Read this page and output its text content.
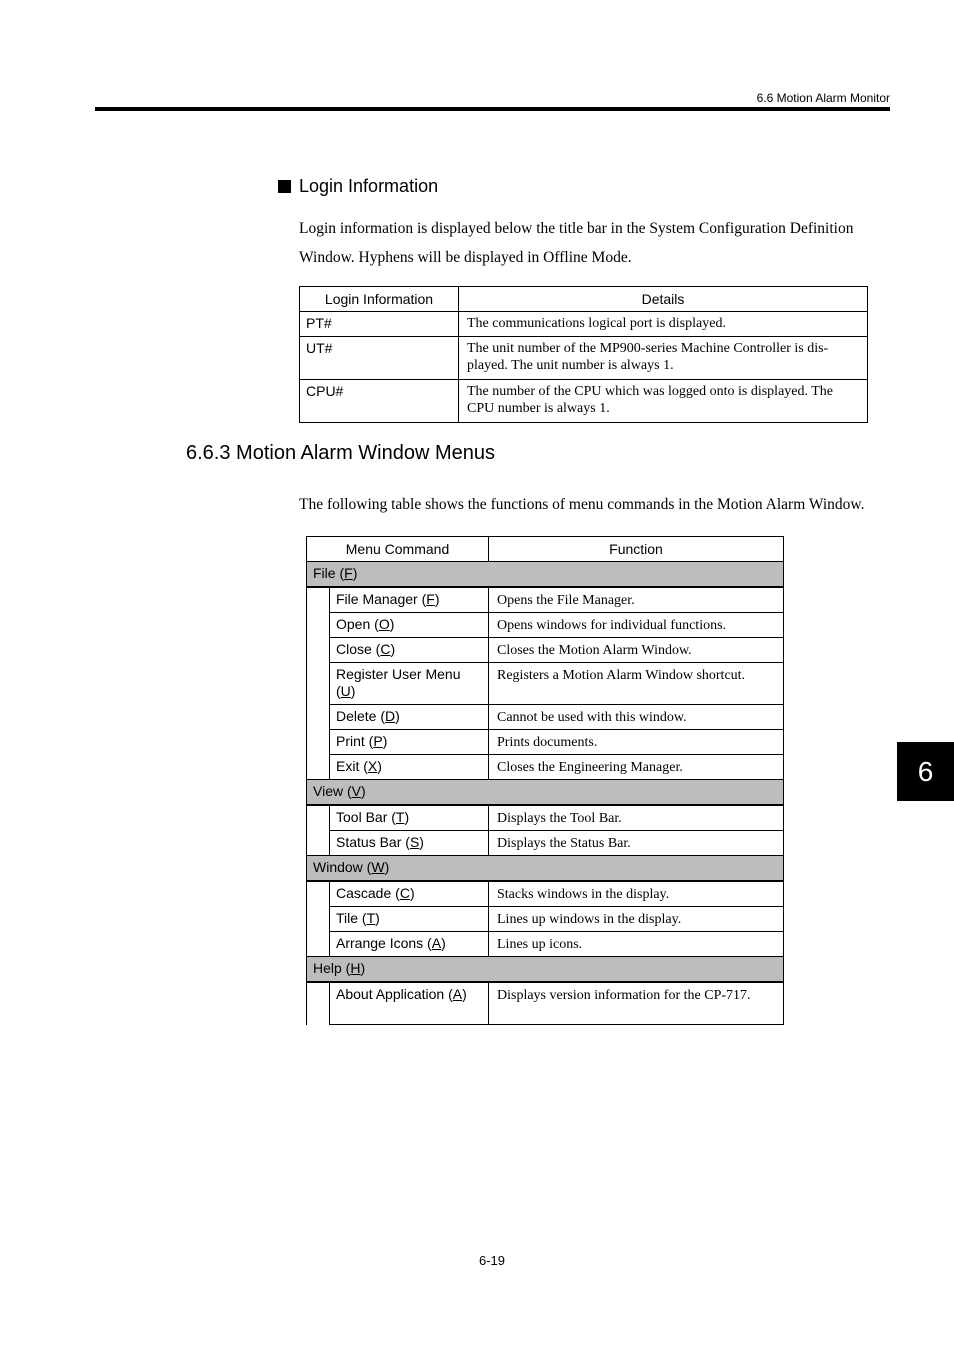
6.6 Motion Alarm Monitor
Login Information

Login information is displayed below the title bar in the System Configuration Definition Window. Hyphens will be displayed in Offline Mode.

Login Information	Details
PT#	The communications logical port is displayed.
UT#	The unit number of the MP900-series Machine Controller is dis-played. The unit number is always 1.
CPU#	The number of the CPU which was logged onto is displayed. The CPU number is always 1.
6.6.3 Motion Alarm Window Menus

The following table shows the functions of menu commands in the Motion Alarm Window.

Menu Command		Function
File (F)		
	File Manager (F)	Opens the File Manager.
	Open (O)	Opens windows for individual functions.
	Close (C)	Closes the Motion Alarm Window.
	Register User Menu (U)	Registers a Motion Alarm Window shortcut.
	Delete (D)	Cannot be used with this window.
	Print (P)	Prints documents.
	Exit (X)	Closes the Engineering Manager.
View (V)		
	Tool Bar (T)	Displays the Tool Bar.
	Status Bar (S)	Displays the Status Bar.
Window (W)		
	Cascade (C)	Stacks windows in the display.
	Tile (T)	Lines up windows in the display.
	Arrange Icons (A)	Lines up icons.
Help (H)		
	About Application (A)	Displays version information for the CP-717.
6
6-19
